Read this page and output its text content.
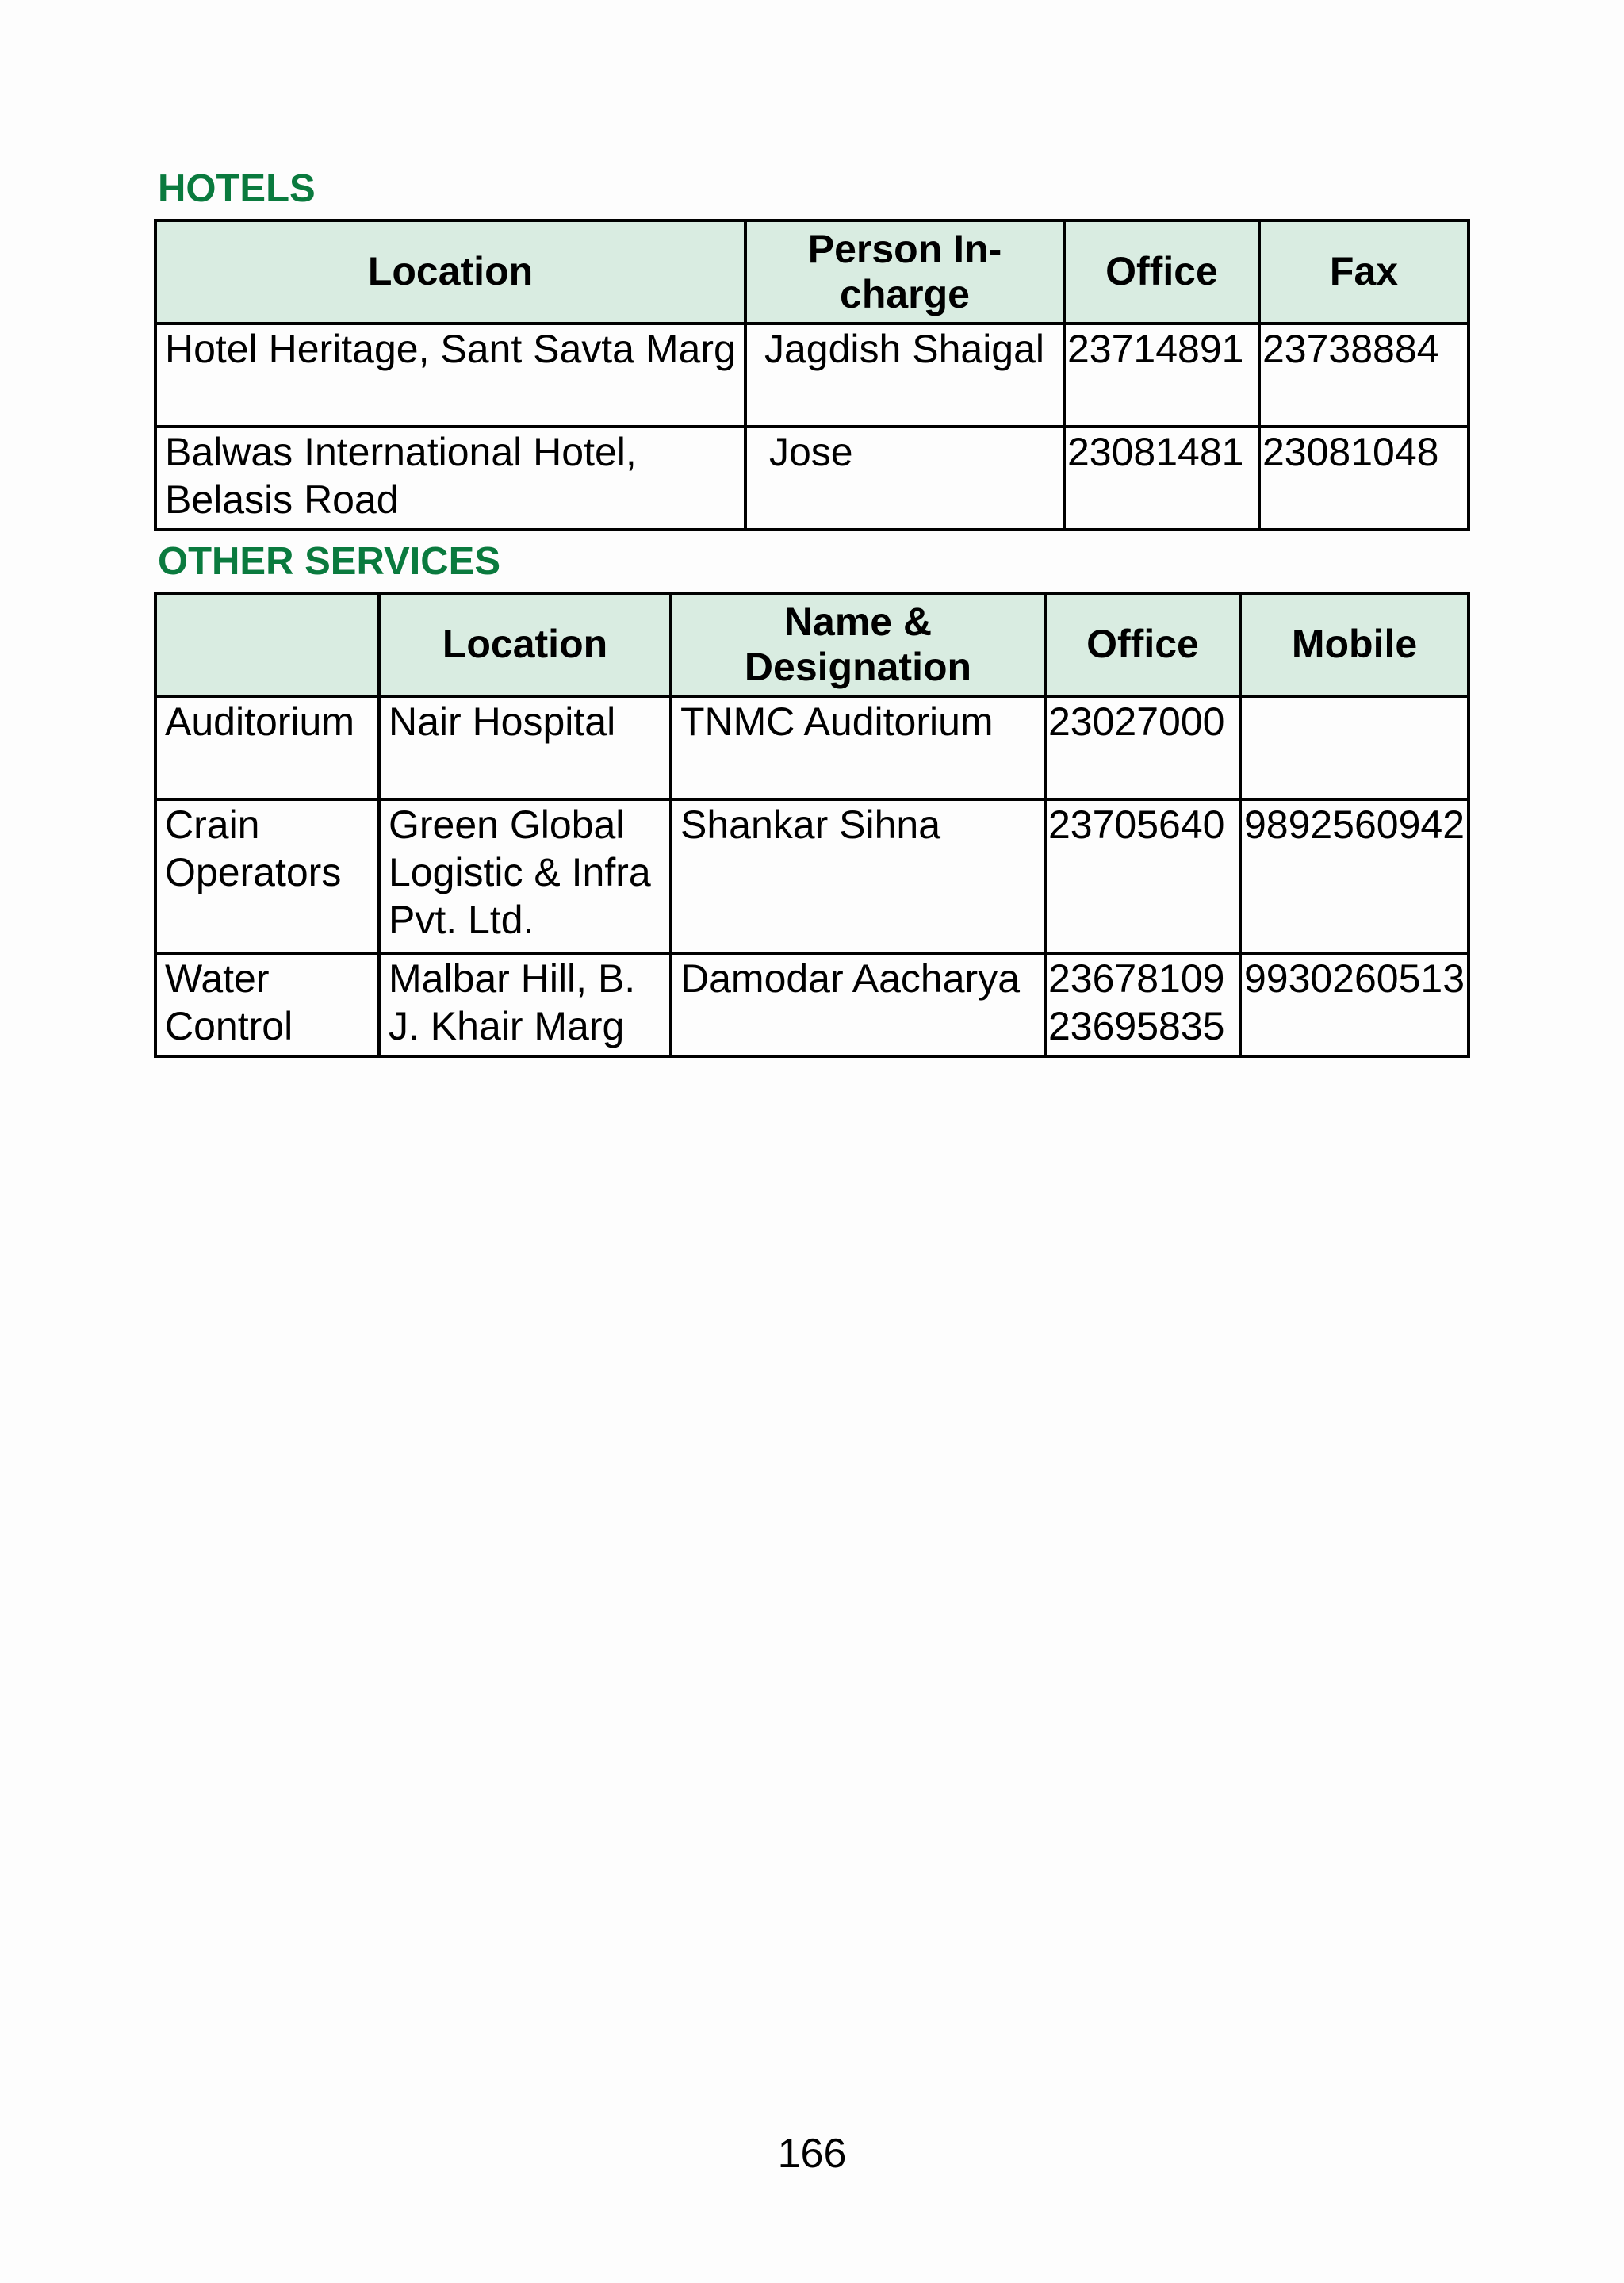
HOTELS
Location	Person In-charge	Office	Fax
Hotel Heritage, Sant Savta Marg	Jagdish Shaigal	23714891	23738884
Balwas International Hotel, Belasis Road	Jose	23081481	23081048
OTHER SERVICES
	Location	Name & Designation	Office	Mobile
Auditorium	Nair Hospital	TNMC Auditorium	23027000	
Crain Operators	Green Global Logistic & Infra Pvt. Ltd.	Shankar Sihna	23705640	9892560942
Water Control	Malbar Hill, B. J. Khair Marg	Damodar Aacharya	23678109 23695835	9930260513
166
